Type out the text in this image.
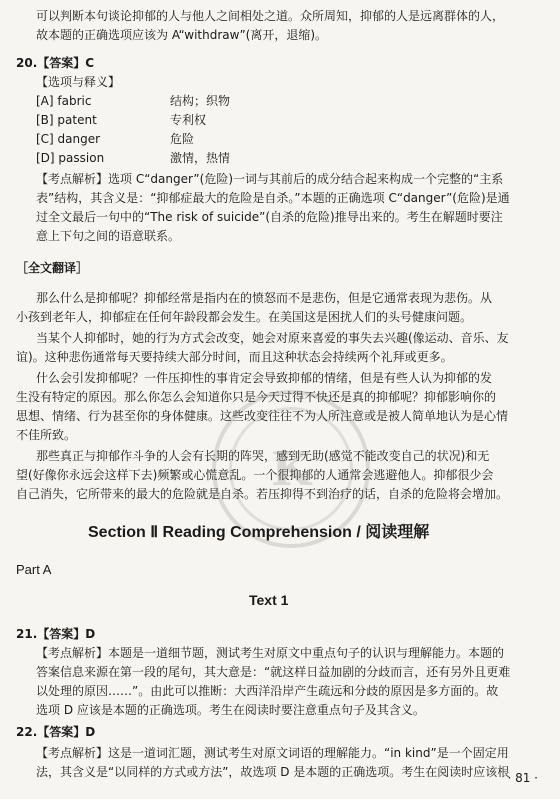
可以判断本句谈论抑郁的人与他人之间相处之道。众所周知，抑郁的人是远离群体的人，
故本题的正确选项应该为 A“withdraw”(离开，退缩)。
20.【答案】C
【选项与释义】
[A] fabric
[B] patent
[C] danger
[D] passion
【考点解析】选项 C“danger”(危险)一词与其前后的成分结合起来构成一个完整的“主系
表”结构，其含义是：“抑郁症最大的危险是自杀。”本题的正确选项 C“danger”(危险)是通
过全文最后一句中的“The risk of suicide”(自杀的危险)推导出来的。考生在解题时要注
意上下句之间的语意联系。
［全文翻译］
那么什么是抑郁呢？抑郁经常是指内在的愤怒而不是悲伤，但是它通常表现为悲伤。从
小孩到老年人，抑郁症在任何年龄段都会发生。在美国这是困扰人们的头号健康问题。
当某个人抑郁时，她的行为方式会改变，她会对原来喜爱的事失去兴趣(像运动、音乐、友
谊)。这种悲伤通常每天要持续大部分时间，而且这种状态会持续两个礼拜或更多。
什么会引发抑郁呢？一件压抑性的事肯定会导致抑郁的情绪，但是有些人认为抑郁的发
生没有特定的原因。那么你怎么会知道你只是今天过得不快还是真的抑郁呢？抑郁影响你的
思想、情绪、行为甚至你的身体健康。这些改变往往不为人所注意或是被人简单地认为是心情
不佳所致。
那些真正与抑郁作斗争的人会有长期的阵哭，感到无助(感觉不能改变自己的状况)和无
望(好像你永远会这样下去)频繁或心慌意乱。一个很抑郁的人通常会逃避他人。抑郁很少会
自己消失，它所带来的最大的危险就是自杀。若压抑得不到治疗的话，自杀的危险将会增加。
21.【答案】D
【考点解析】本题是一道细节题，测试考生对原文中重点句子的认识与理解能力。本题的
答案信息来源在第一段的尾句，其大意是：“就这样日益加剧的分歧而言，还有另外且更难
以处理的原因……”。由此可以推断：大西洋沿岸产生疏远和分歧的原因是多方面的。故
选项 D 应该是本题的正确选项。考生在阅读时要注意重点句子及其含义。
22.【答案】D
【考点解析】这是一道词汇题，测试考生对原文词语的理解能力。“in kind”是一个固定用
法，其含义是“以同样的方式或方法”，故选项 D 是本题的正确选项。考生在阅读时应该根
结构；织物
专利权
危险
激情，热情
K
Section Ⅱ Reading Comprehension / 阅读理解
Part A
Text 1
· 81 ·
